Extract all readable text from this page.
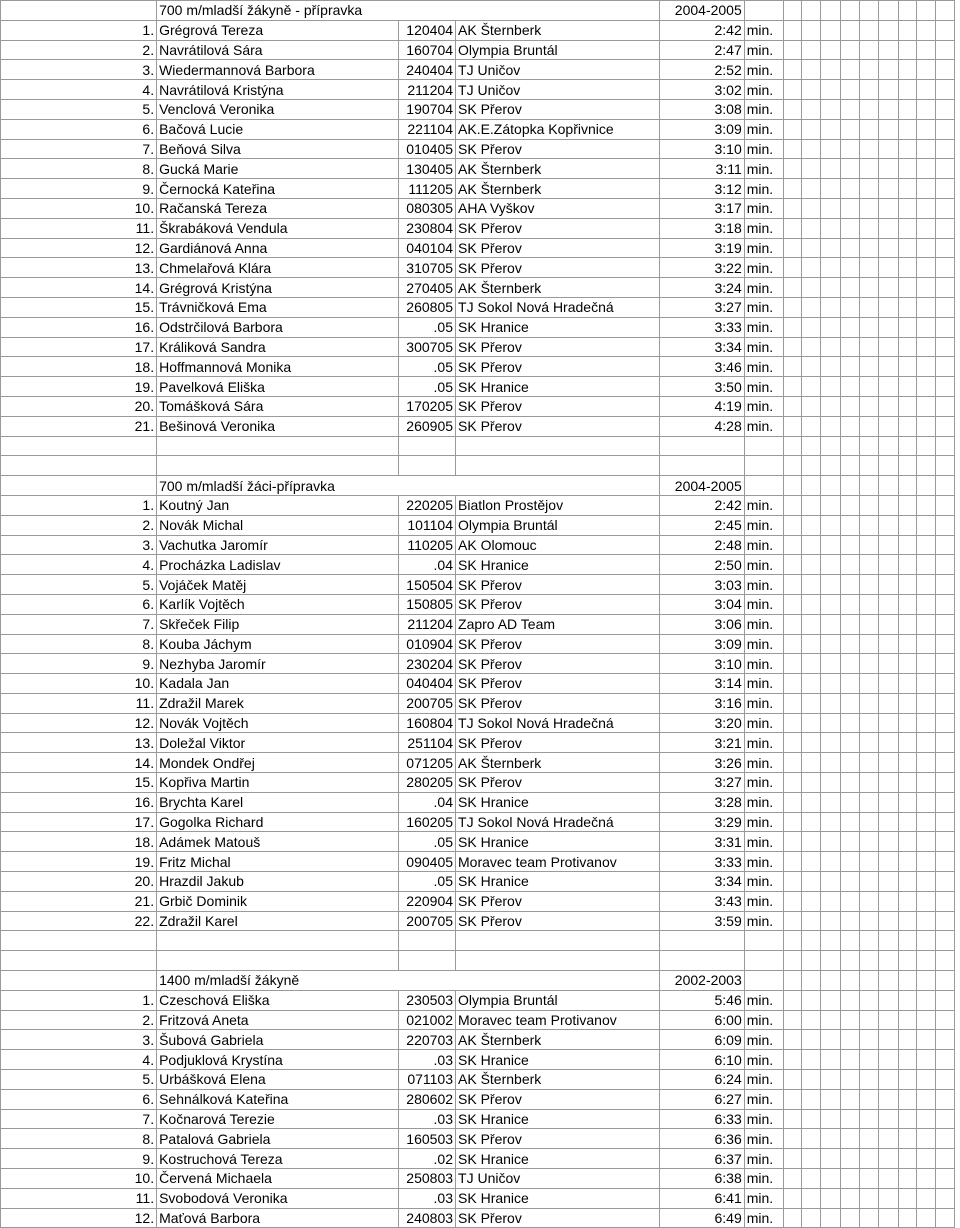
	700 m/mladší žákyně - přípravka			2004-2005										
1.	Grégrová Tereza	120404	AK Šternberk	2:42	min.									
2.	Navrátilová Sára	160704	Olympia Bruntál	2:47	min.									
3.	Wiedermannová Barbora	240404	TJ Uničov	2:52	min.									
4.	Navrátilová Kristýna	211204	TJ Uničov	3:02	min.									
5.	Venclová Veronika	190704	SK Přerov	3:08	min.									
6.	Bačová Lucie	221104	AK.E.Zátopka Kopřivnice	3:09	min.									
7.	Beňová Silva	010405	SK Přerov	3:10	min.									
8.	Gucká Marie	130405	AK Šternberk	3:11	min.									
9.	Černocká Kateřina	111205	AK Šternberk	3:12	min.									
10.	Račanská Tereza	080305	AHA Vyškov	3:17	min.									
11.	Škrabáková Vendula	230804	SK Přerov	3:18	min.									
12.	Gardiánová Anna	040104	SK Přerov	3:19	min.									
13.	Chmelařová Klára	310705	SK Přerov	3:22	min.									
14.	Grégrová Kristýna	270405	AK Šternberk	3:24	min.									
15.	Trávničková Ema	260805	TJ Sokol Nová Hradečná	3:27	min.									
16.	Odstrčilová Barbora	.05	SK Hranice	3:33	min.									
17.	Králiková Sandra	300705	SK Přerov	3:34	min.									
18.	Hoffmannová Monika	.05	SK Přerov	3:46	min.									
19.	Pavelková Eliška	.05	SK Hranice	3:50	min.									
20.	Tomášková Sára	170205	SK Přerov	4:19	min.									
21.	Bešinová Veronika	260905	SK Přerov	4:28	min.									

	700 m/mladší žáci-přípravka			2004-2005										
1.	Koutný Jan	220205	Biatlon Prostějov	2:42	min.									
2.	Novák Michal	101104	Olympia Bruntál	2:45	min.									
3.	Vachutka Jaromír	110205	AK Olomouc	2:48	min.									
4.	Procházka Ladislav	.04	SK Hranice	2:50	min.									
5.	Vojáček Matěj	150504	SK Přerov	3:03	min.									
6.	Karlík Vojtěch	150805	SK Přerov	3:04	min.									
7.	Skřeček Filip	211204	Zapro AD Team	3:06	min.									
8.	Kouba Jáchym	010904	SK Přerov	3:09	min.									
9.	Nezhyba Jaromír	230204	SK Přerov	3:10	min.									
10.	Kadala Jan	040404	SK Přerov	3:14	min.									
11.	Zdražil Marek	200705	SK Přerov	3:16	min.									
12.	Novák Vojtěch	160804	TJ Sokol Nová Hradečná	3:20	min.									
13.	Doležal Viktor	251104	SK Přerov	3:21	min.									
14.	Mondek Ondřej	071205	AK Šternberk	3:26	min.									
15.	Kopřiva Martin	280205	SK Přerov	3:27	min.									
16.	Brychta Karel	.04	SK Hranice	3:28	min.									
17.	Gogolka Richard	160205	TJ Sokol Nová Hradečná	3:29	min.									
18.	Adámek Matouš	.05	SK Hranice	3:31	min.									
19.	Fritz Michal	090405	Moravec team Protivanov	3:33	min.									
20.	Hrazdil Jakub	.05	SK Hranice	3:34	min.									
21.	Grbič Dominik	220904	SK Přerov	3:43	min.									
22.	Zdražil Karel	200705	SK Přerov	3:59	min.									

	1400 m/mladší žákyně			2002-2003										
1.	Czeschová Eliška	230503	Olympia Bruntál	5:46	min.									
2.	Fritzová Aneta	021002	Moravec team Protivanov	6:00	min.									
3.	Šubová Gabriela	220703	AK Šternberk	6:09	min.									
4.	Podjuklová Krystína	.03	SK Hranice	6:10	min.									
5.	Urbášková Elena	071103	AK Šternberk	6:24	min.									
6.	Sehnálková Kateřina	280602	SK Přerov	6:27	min.									
7.	Kočnarová Terezie	.03	SK Hranice	6:33	min.									
8.	Patalová Gabriela	160503	SK Přerov	6:36	min.									
9.	Kostruchová Tereza	.02	SK Hranice	6:37	min.									
10.	Červená Michaela	250803	TJ Uničov	6:38	min.									
11.	Svobodová Veronika	.03	SK Hranice	6:41	min.									
12.	Maťová Barbora	240803	SK Přerov	6:49	min.									
